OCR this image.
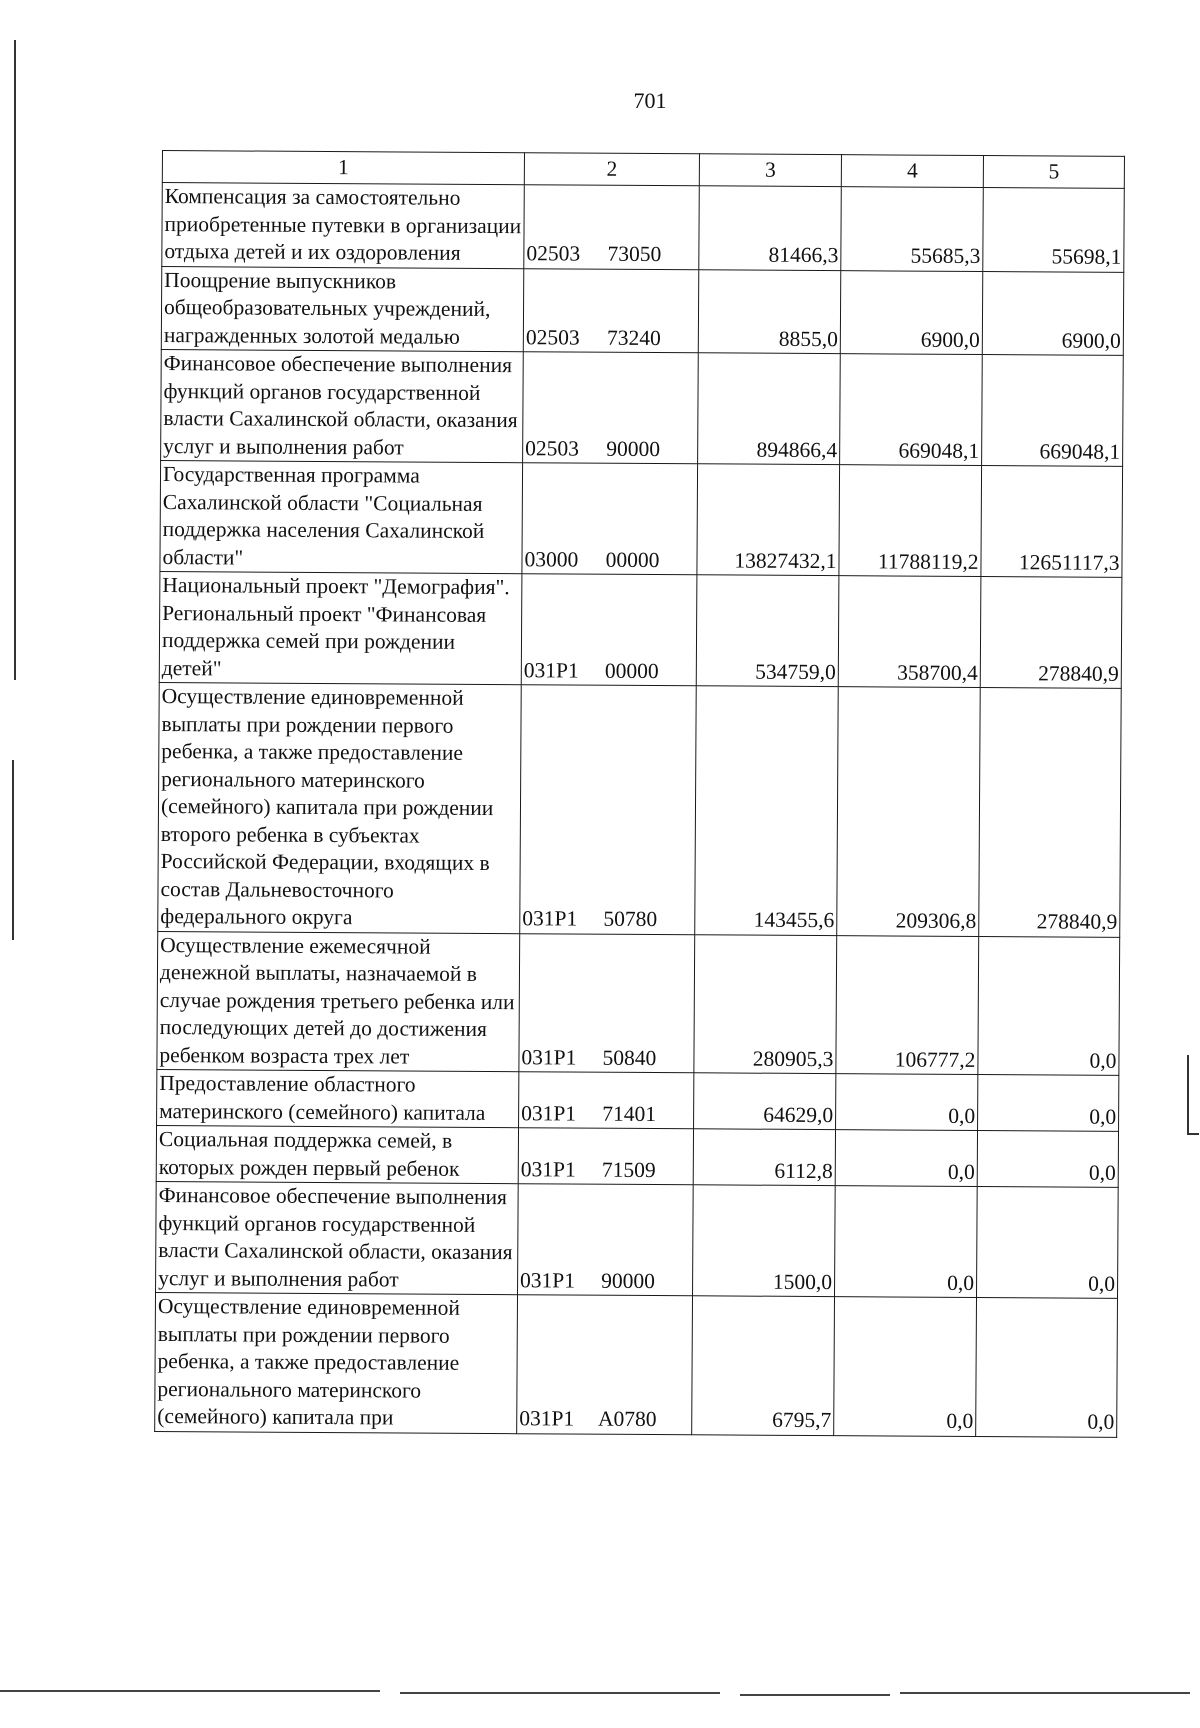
701
1	2	3	4	5
Компенсация за самостоятельно приобретенные путевки в организации отдыха детей и их оздоровления	02503 73050	81466,3	55685,3	55698,1
Поощрение выпускников общеобразовательных учреждений, награжденных золотой медалью	02503 73240	8855,0	6900,0	6900,0
Финансовое обеспечение выполнения функций органов государственной власти Сахалинской области, оказания услуг и выполнения работ	02503 90000	894866,4	669048,1	669048,1
Государственная программа Сахалинской области "Социальная поддержка населения Сахалинской области"	03000 00000	13827432,1	11788119,2	12651117,3
Национальный проект "Демография". Региональный проект "Финансовая поддержка семей при рождении детей"	031P1 00000	534759,0	358700,4	278840,9
Осуществление единовременной выплаты при рождении первого ребенка, а также предоставление регионального материнского (семейного) капитала при рождении второго ребенка в субъектах Российской Федерации, входящих в состав Дальневосточного федерального округа	031P1 50780	143455,6	209306,8	278840,9
Осуществление ежемесячной денежной выплаты, назначаемой в случае рождения третьего ребенка или последующих детей до достижения ребенком возраста трех лет	031P1 50840	280905,3	106777,2	0,0
Предоставление областного материнского (семейного) капитала	031P1 71401	64629,0	0,0	0,0
Социальная поддержка семей, в которых рожден первый ребенок	031P1 71509	6112,8	0,0	0,0
Финансовое обеспечение выполнения функций органов государственной власти Сахалинской области, оказания услуг и выполнения работ	031P1 90000	1500,0	0,0	0,0
Осуществление единовременной выплаты при рождении первого ребенка, а также предоставление регионального материнского (семейного) капитала при	031P1 A0780	6795,7	0,0	0,0
